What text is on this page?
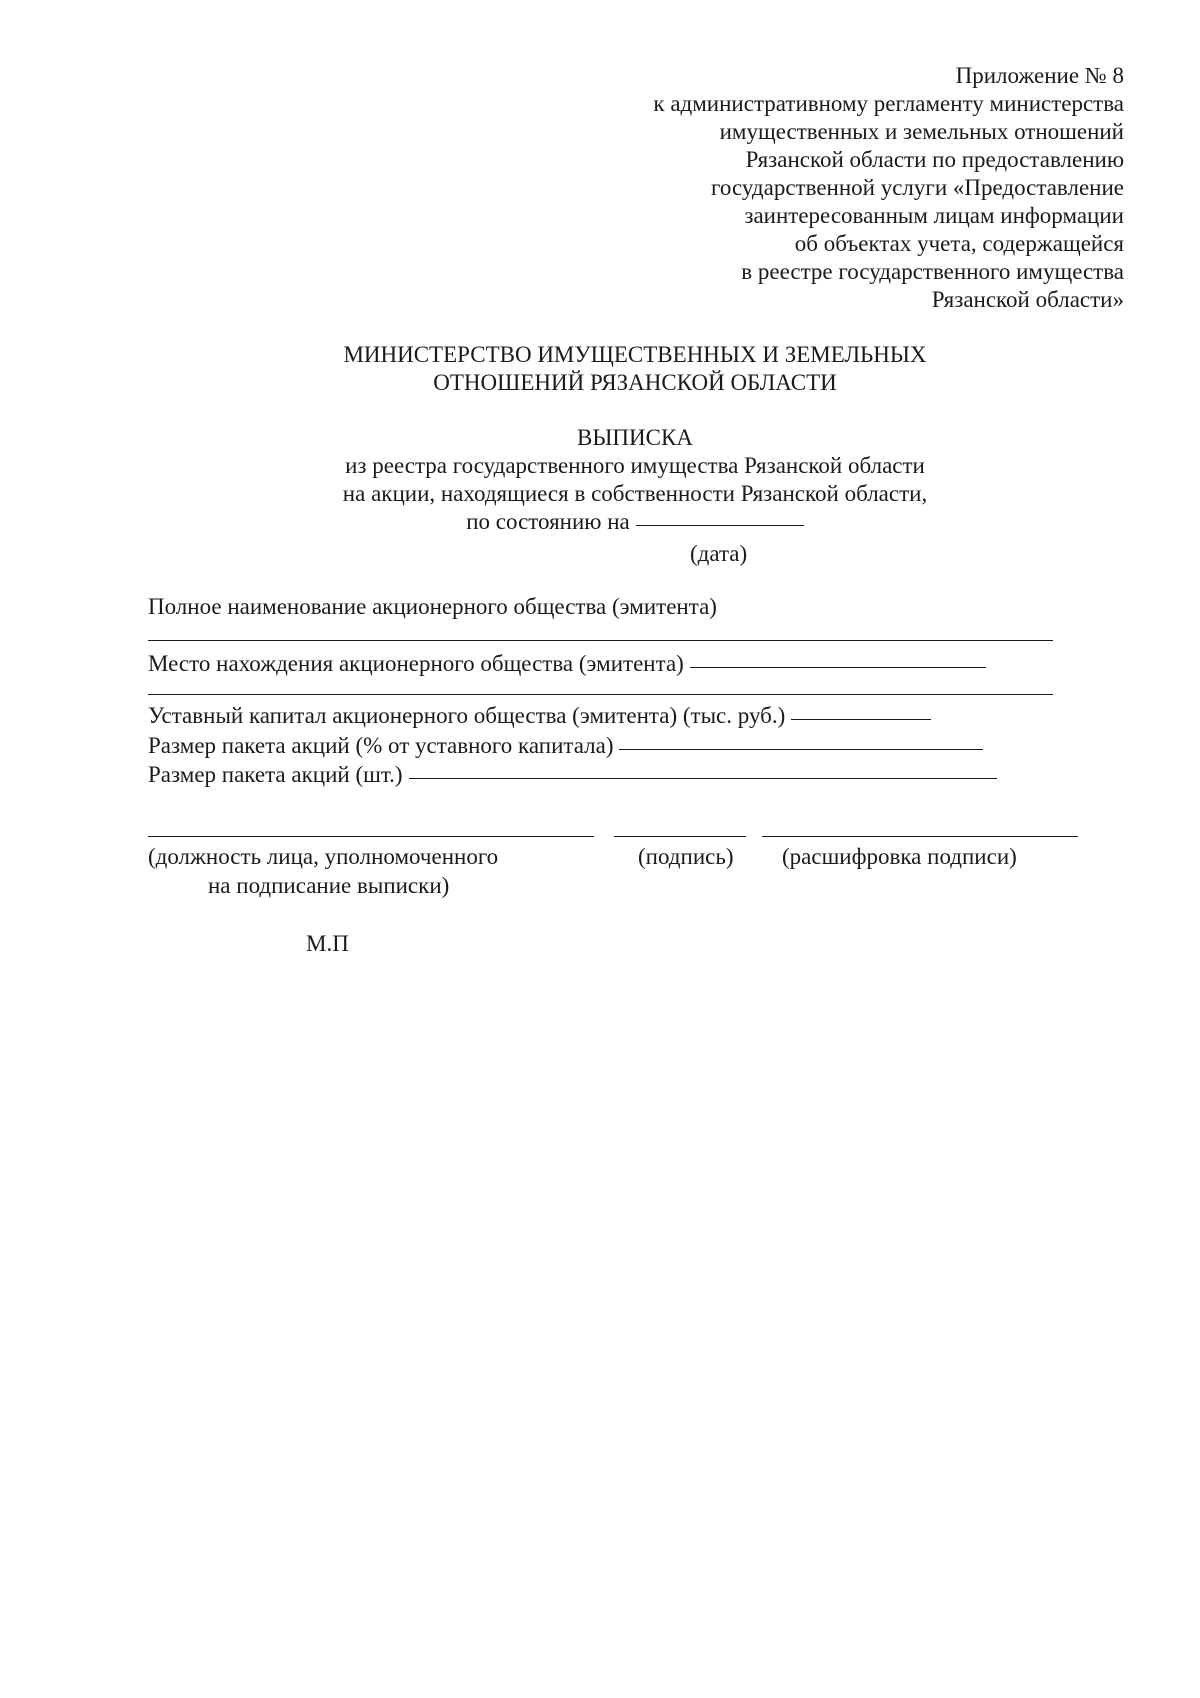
Приложение № 8
к административному регламенту министерства
имущественных и земельных отношений
Рязанской области по предоставлению
государственной услуги «Предоставление
заинтересованным лицам информации
об объектах учета, содержащейся
в реестре государственного имущества
Рязанской области»
МИНИСТЕРСТВО ИМУЩЕСТВЕННЫХ И ЗЕМЕЛЬНЫХ
ОТНОШЕНИЙ РЯЗАНСКОЙ ОБЛАСТИ
ВЫПИСКА
из реестра государственного имущества Рязанской области
на акции, находящиеся в собственности Рязанской области,
по состоянию на
(дата)
Полное наименование акционерного общества (эмитента)
Место нахождения акционерного общества (эмитента)
Уставный капитал акционерного общества (эмитента) (тыс. руб.)
Размер пакета акций (% от уставного капитала)
Размер пакета акций (шт.)
(должность лица, уполномоченного
на подписание выписки)
(подпись) (расшифровка подписи)
М.П
